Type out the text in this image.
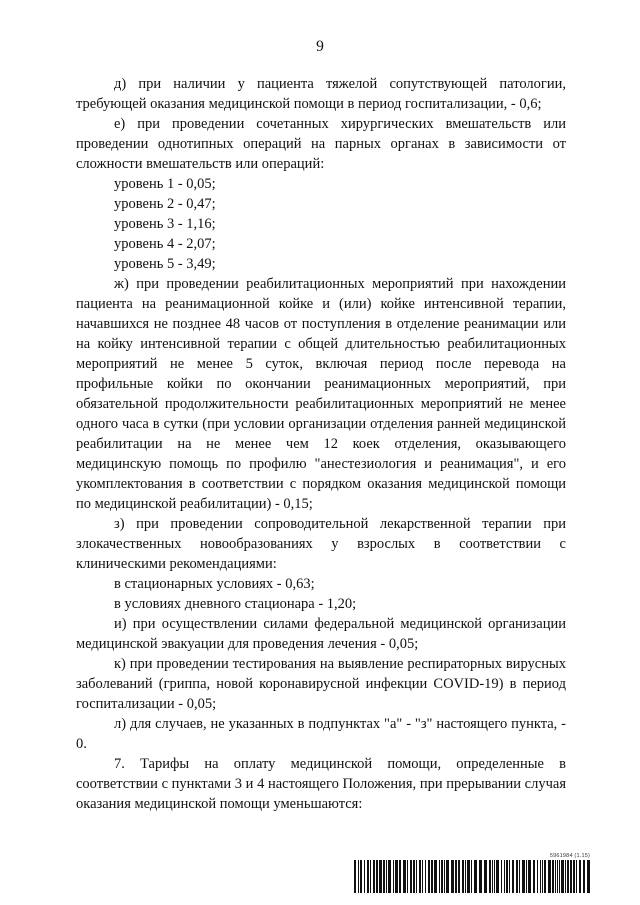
9

д) при наличии у пациента тяжелой сопутствующей патологии, требующей оказания медицинской помощи в период госпитализации, - 0,6;

е) при проведении сочетанных хирургических вмешательств или проведении однотипных операций на парных органах в зависимости от сложности вмешательств или операций:

уровень 1 - 0,05;

уровень 2 - 0,47;

уровень 3 - 1,16;

уровень 4 - 2,07;

уровень 5 - 3,49;

ж) при проведении реабилитационных мероприятий при нахождении пациента на реанимационной койке и (или) койке интенсивной терапии, начавшихся не позднее 48 часов от поступления в отделение реанимации или на койку интенсивной терапии с общей длительностью реабилитационных мероприятий не менее 5 суток, включая период после перевода на профильные койки по окончании реанимационных мероприятий, при обязательной продолжительности реабилитационных мероприятий не менее одного часа в сутки (при условии организации отделения ранней медицинской реабилитации на не менее чем 12 коек отделения, оказывающего медицинскую помощь по профилю "анестезиология и реанимация", и его укомплектования в соответствии с порядком оказания медицинской помощи по медицинской реабилитации) - 0,15;

з) при проведении сопроводительной лекарственной терапии при злокачественных новообразованиях у взрослых в соответствии с клиническими рекомендациями:

в стационарных условиях - 0,63;

в условиях дневного стационара - 1,20;

и) при осуществлении силами федеральной медицинской организации медицинской эвакуации для проведения лечения - 0,05;

к) при проведении тестирования на выявление респираторных вирусных заболеваний (гриппа, новой коронавирусной инфекции COVID-19) в период госпитализации - 0,05;

л) для случаев, не указанных в подпунктах "а" - "з" настоящего пункта, - 0.

7. Тарифы на оплату медицинской помощи, определенные в соответствии с пунктами 3 и 4 настоящего Положения, при прерывании случая оказания медицинской помощи уменьшаются:

5961984 (1.15)
